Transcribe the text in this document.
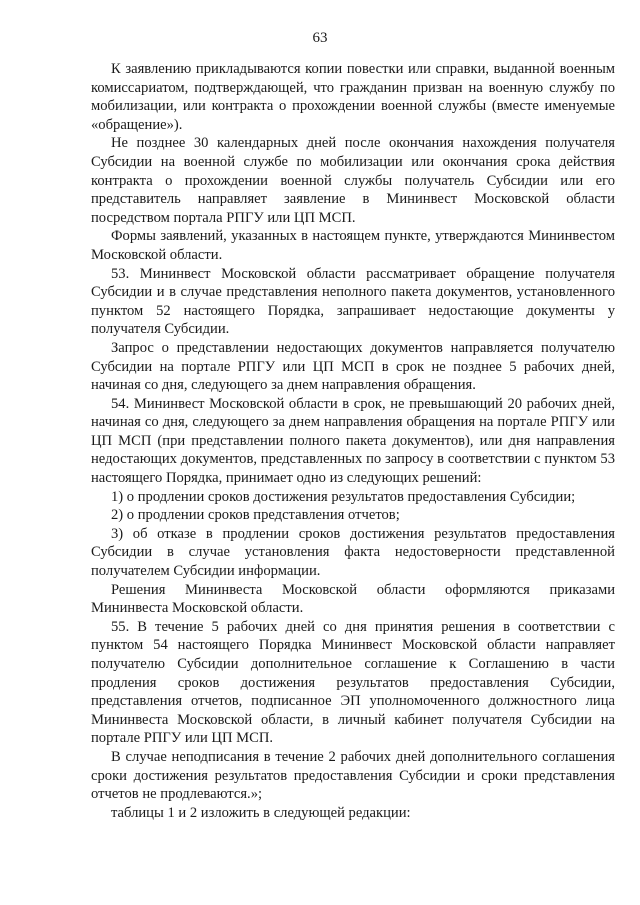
63

К заявлению прикладываются копии повестки или справки, выданной военным комиссариатом, подтверждающей, что гражданин призван на военную службу по мобилизации, или контракта о прохождении военной службы (вместе именуемые «обращение»).

Не позднее 30 календарных дней после окончания нахождения получателя Субсидии на военной службе по мобилизации или окончания срока действия контракта о прохождении военной службы получатель Субсидии или его представитель направляет заявление в Мининвест Московской области посредством портала РПГУ или ЦП МСП.

Формы заявлений, указанных в настоящем пункте, утверждаются Мининвестом Московской области.

53. Мининвест Московской области рассматривает обращение получателя Субсидии и в случае представления неполного пакета документов, установленного пунктом 52 настоящего Порядка, запрашивает недостающие документы у получателя Субсидии.

Запрос о представлении недостающих документов направляется получателю Субсидии на портале РПГУ или ЦП МСП в срок не позднее 5 рабочих дней, начиная со дня, следующего за днем направления обращения.

54. Мининвест Московской области в срок, не превышающий 20 рабочих дней, начиная со дня, следующего за днем направления обращения на портале РПГУ или ЦП МСП (при представлении полного пакета документов), или дня направления недостающих документов, представленных по запросу в соответствии с пунктом 53 настоящего Порядка, принимает одно из следующих решений:

1) о продлении сроков достижения результатов предоставления Субсидии;

2) о продлении сроков представления отчетов;

3) об отказе в продлении сроков достижения результатов предоставления Субсидии в случае установления факта недостоверности представленной получателем Субсидии информации.

Решения Мининвеста Московской области оформляются приказами Мининвеста Московской области.

55. В течение 5 рабочих дней со дня принятия решения в соответствии с пунктом 54 настоящего Порядка Мининвест Московской области направляет получателю Субсидии дополнительное соглашение к Соглашению в части продления сроков достижения результатов предоставления Субсидии, представления отчетов, подписанное ЭП уполномоченного должностного лица Мининвеста Московской области, в личный кабинет получателя Субсидии на портале РПГУ или ЦП МСП.

В случае неподписания в течение 2 рабочих дней дополнительного соглашения сроки достижения результатов предоставления Субсидии и сроки представления отчетов не продлеваются.»;

таблицы 1 и 2 изложить в следующей редакции:
